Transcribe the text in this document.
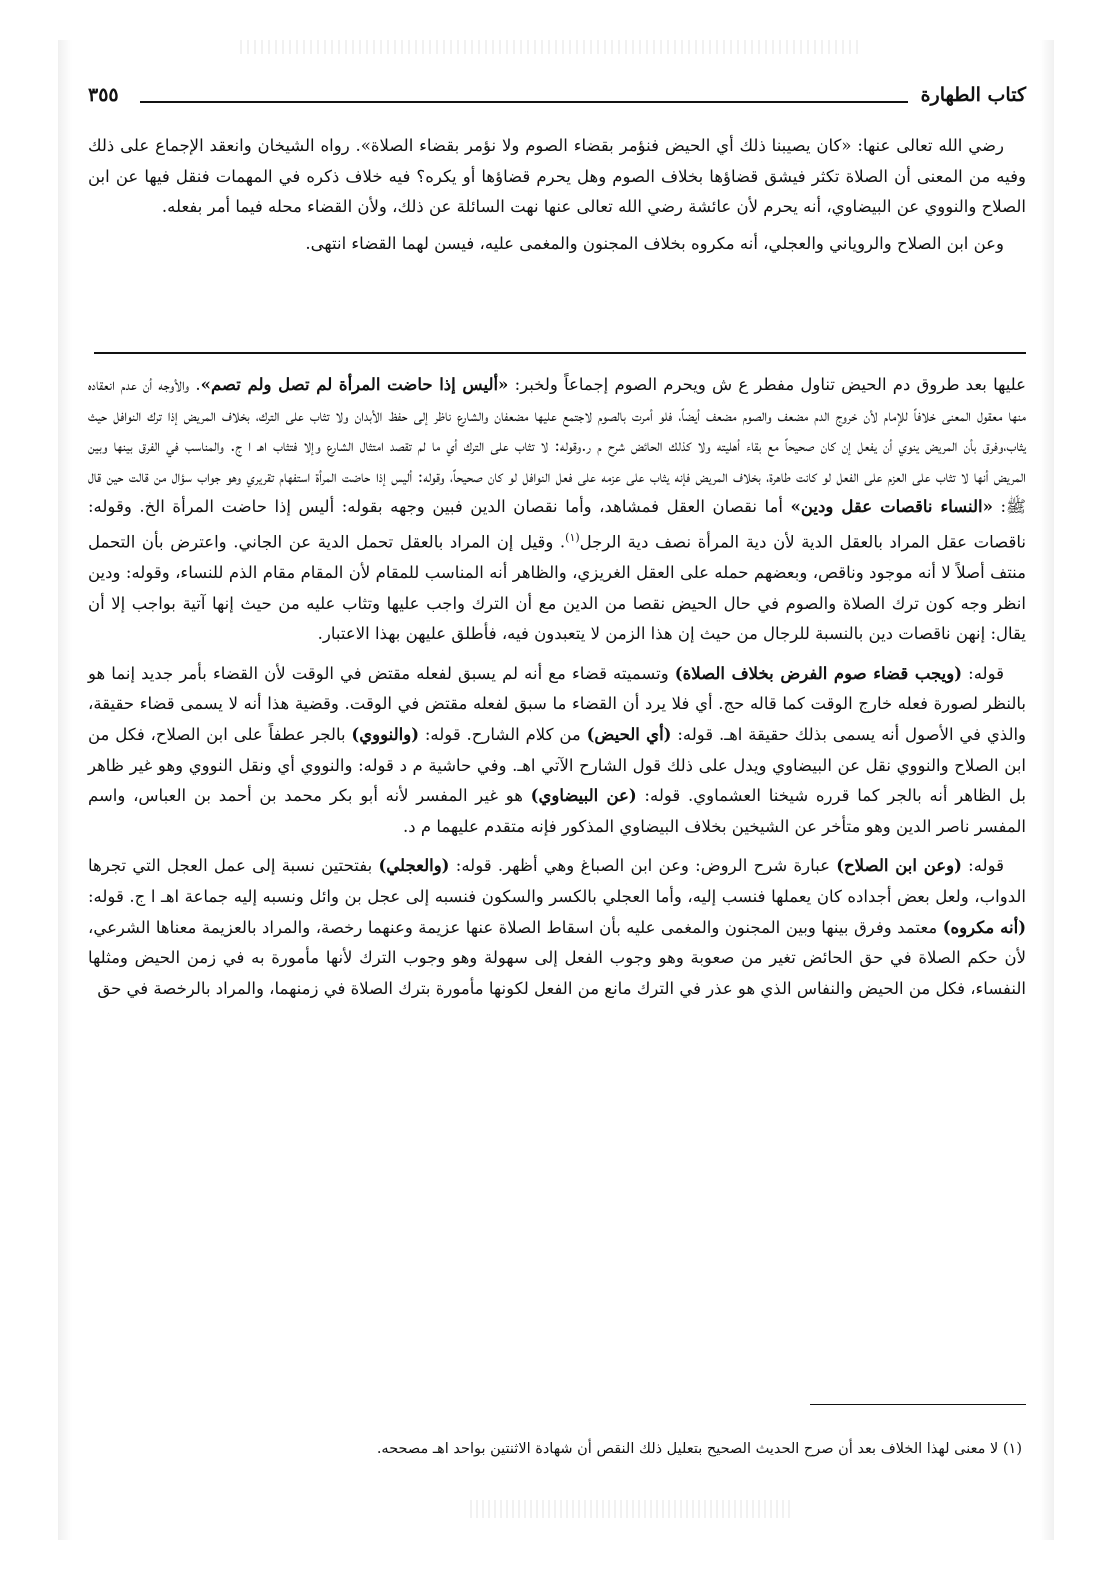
كتاب الطهارة
٣٥٥

رضي الله تعالى عنها: «كان يصيبنا ذلك أي الحيض فنؤمر بقضاء الصوم ولا نؤمر بقضاء الصلاة». رواه الشيخان وانعقد الإجماع على ذلك وفيه من المعنى أن الصلاة تكثر فيشق قضاؤها بخلاف الصوم وهل يحرم قضاؤها أو يكره؟ فيه خلاف ذكره في المهمات فنقل فيها عن ابن الصلاح والنووي عن البيضاوي، أنه يحرم لأن عائشة رضي الله تعالى عنها نهت السائلة عن ذلك، ولأن القضاء محله فيما أمر بفعله.

وعن ابن الصلاح والروياني والعجلي، أنه مكروه بخلاف المجنون والمغمى عليه، فيسن لهما القضاء انتهى.

عليها بعد طروق دم الحيض تناول مفطر ع ش ويحرم الصوم إجماعاً ولخبر: «أليس إذا حاضت المرأة لم تصل ولم تصم». والأوجه أن عدم انعقاده منها معقول المعنى خلافاً للإمام لأن خروج الدم مضعف والصوم مضعف أيضاً، فلو أمرت بالصوم لاجتمع عليها مضعفان والشارع ناظر إلى حفظ الأبدان ولا تثاب على الترك، بخلاف المريض إذا ترك النوافل حيث يثاب،وفرق بأن المريض ينوي أن يفعل إن كان صحيحاً مع بقاء أهليته ولا كذلك الحائض شرح م ر.وقوله: لا تثاب على الترك أي ما لم تقصد امتثال الشارع وإلا فتثاب اهـ ا ج. والمناسب في الفرق بينها وبين المريض أنها لا تثاب على العزم على الفعل لو كانت طاهرة، بخلاف المريض فإنه يثاب على عزمه على فعل النوافل لو كان صحيحاً، وقوله: أليس إذا حاضت المرأة استفهام تقريري وهو جواب سؤال من قالت حين قال ﷺ: «النساء ناقصات عقل ودين» أما نقصان العقل فمشاهد، وأما نقصان الدين فبين وجهه بقوله: أليس إذا حاضت المرأة الخ. وقوله: ناقصات عقل المراد بالعقل الدية لأن دية المرأة نصف دية الرجل$^{(١)}$. وقيل إن المراد بالعقل تحمل الدية عن الجاني. واعترض بأن التحمل منتف أصلاً لا أنه موجود وناقص، وبعضهم حمله على العقل الغريزي، والظاهر أنه المناسب للمقام لأن المقام مقام الذم للنساء، وقوله: ودين انظر وجه كون ترك الصلاة والصوم في حال الحيض نقصا من الدين مع أن الترك واجب عليها وتثاب عليه من حيث إنها آتية بواجب إلا أن يقال: إنهن ناقصات دين بالنسبة للرجال من حيث إن هذا الزمن لا يتعبدون فيه، فأطلق عليهن بهذا الاعتبار.

قوله: (ويجب قضاء صوم الفرض بخلاف الصلاة) وتسميته قضاء مع أنه لم يسبق لفعله مقتض في الوقت لأن القضاء بأمر جديد إنما هو بالنظر لصورة فعله خارج الوقت كما قاله حج. أي فلا يرد أن القضاء ما سبق لفعله مقتض في الوقت. وقضية هذا أنه لا يسمى قضاء حقيقة، والذي في الأصول أنه يسمى بذلك حقيقة اهـ. قوله: (أي الحيض) من كلام الشارح. قوله: (والنووي) بالجر عطفاً على ابن الصلاح، فكل من ابن الصلاح والنووي نقل عن البيضاوي ويدل على ذلك قول الشارح الآتي اهـ. وفي حاشية م د قوله: والنووي أي ونقل النووي وهو غير ظاهر بل الظاهر أنه بالجر كما قرره شيخنا العشماوي. قوله: (عن البيضاوي) هو غير المفسر لأنه أبو بكر محمد بن أحمد بن العباس، واسم المفسر ناصر الدين وهو متأخر عن الشيخين بخلاف البيضاوي المذكور فإنه متقدم عليهما م د.

قوله: (وعن ابن الصلاح) عبارة شرح الروض: وعن ابن الصباغ وهي أظهر. قوله: (والعجلي) بفتحتين نسبة إلى عمل العجل التي تجرها الدواب، ولعل بعض أجداده كان يعملها فنسب إليه، وأما العجلي بالكسر والسكون فنسبه إلى عجل بن وائل ونسبه إليه جماعة اهـ ا ج. قوله: (أنه مكروه) معتمد وفرق بينها وبين المجنون والمغمى عليه بأن اسقاط الصلاة عنها عزيمة وعنهما رخصة، والمراد بالعزيمة معناها الشرعي، لأن حكم الصلاة في حق الحائض تغير من صعوبة وهو وجوب الفعل إلى سهولة وهو وجوب الترك لأنها مأمورة به في زمن الحيض ومثلها النفساء، فكل من الحيض والنفاس الذي هو عذر في الترك مانع من الفعل لكونها مأمورة بترك الصلاة في زمنهما، والمراد بالرخصة في حق

(١) لا معنى لهذا الخلاف بعد أن صرح الحديث الصحيح بتعليل ذلك النقص أن شهادة الاثنتين بواحد اهـ مصححه.
